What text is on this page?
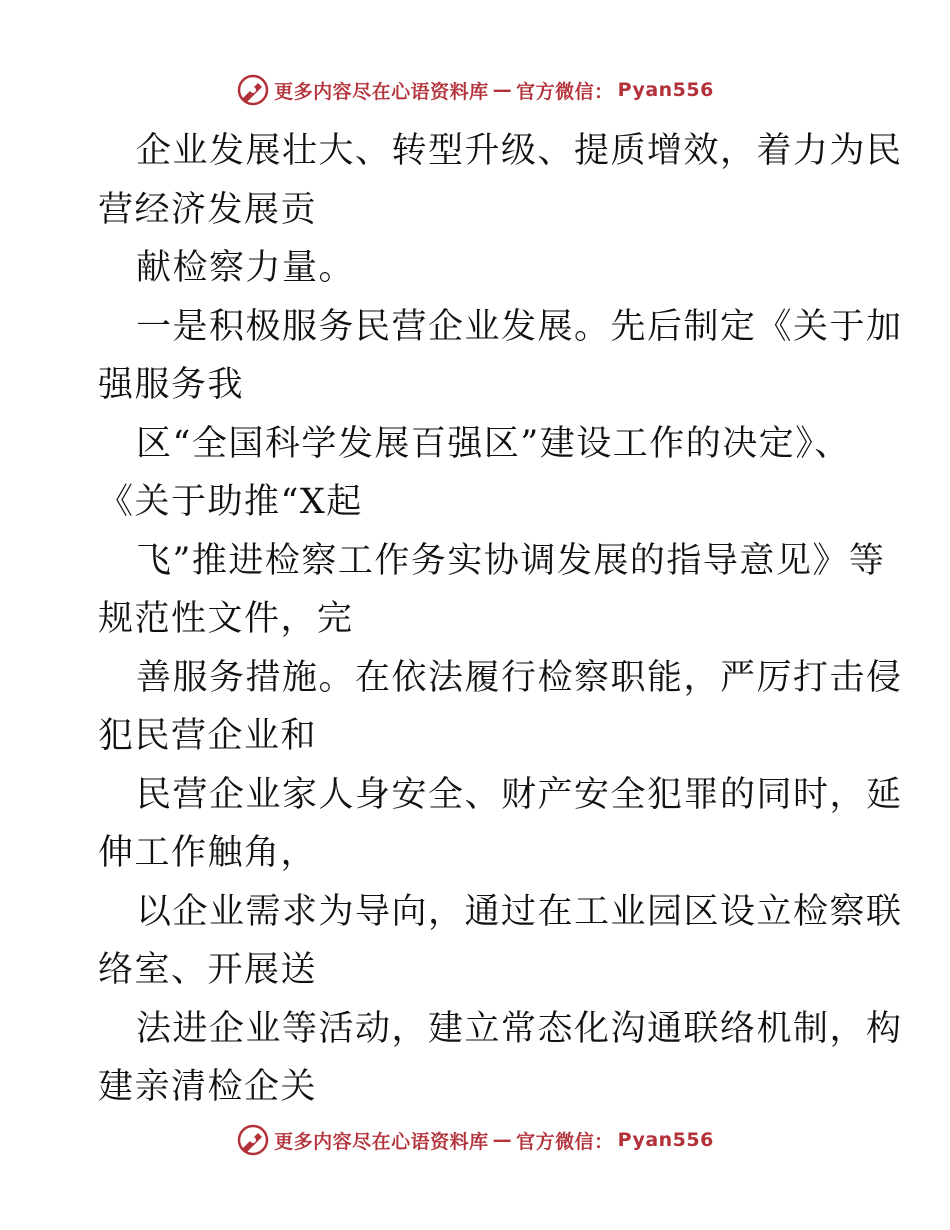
更多内容尽在心语资料库 — 官方微信： Pyan556
企业发展壮大、转型升级、提质增效，着力为民
营经济发展贡
献检察力量。
一是积极服务民营企业发展。先后制定《关于加
强服务我
区“全国科学发展百强区”建设工作的决定》、
《关于助推“X起
飞”推进检察工作务实协调发展的指导意见》等
规范性文件，完
善服务措施。在依法履行检察职能，严厉打击侵
犯民营企业和
民营企业家人身安全、财产安全犯罪的同时，延
伸工作触角，
以企业需求为导向，通过在工业园区设立检察联
络室、开展送
法进企业等活动，建立常态化沟通联络机制，构
建亲清检企关
更多内容尽在心语资料库 — 官方微信： Pyan556
